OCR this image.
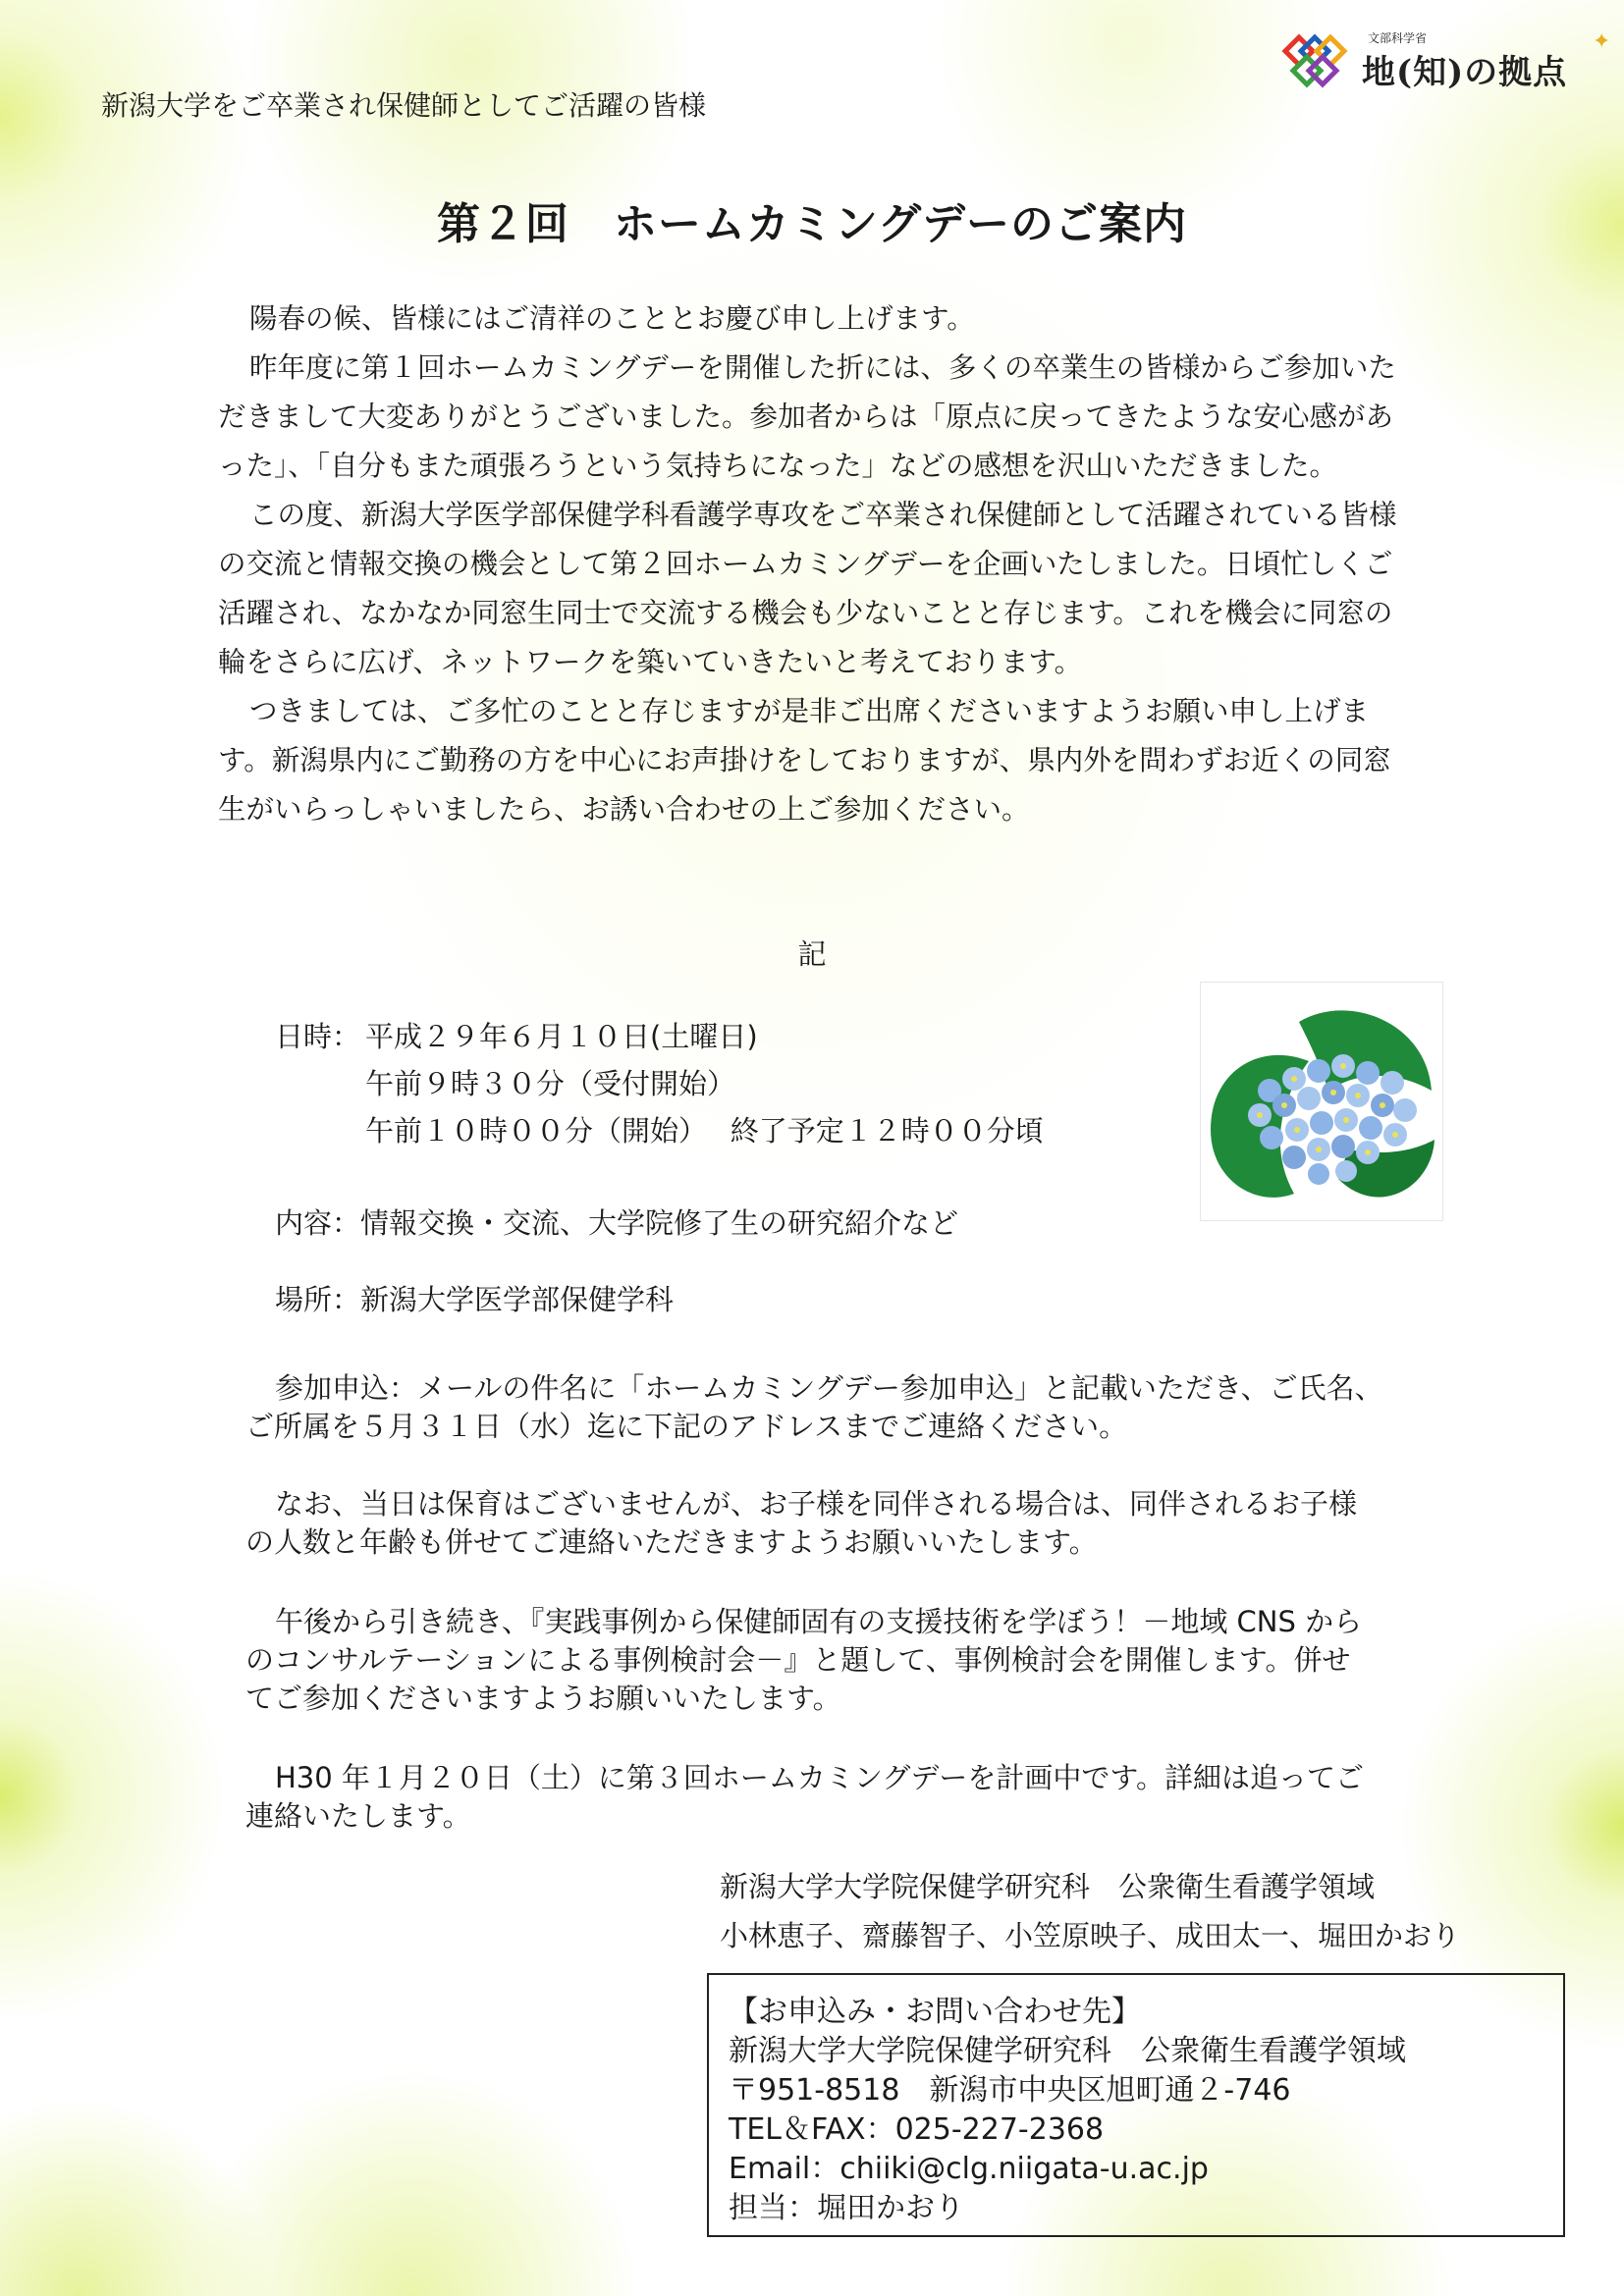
新潟大学をご卒業され保健師としてご活躍の皆様
文部科学省
地(知)の拠点
✦
第２回　ホームカミングデーのご案内

陽春の候、皆様にはご清祥のこととお慶び申し上げます。

昨年度に第１回ホームカミングデーを開催した折には、多くの卒業生の皆様からご参加いただきまして大変ありがとうございました。参加者からは「原点に戻ってきたような安心感があった」、「自分もまた頑張ろうという気持ちになった」などの感想を沢山いただきました。

この度、新潟大学医学部保健学科看護学専攻をご卒業され保健師として活躍されている皆様の交流と情報交換の機会として第２回ホームカミングデーを企画いたしました。日頃忙しくご活躍され、なかなか同窓生同士で交流する機会も少ないことと存じます。これを機会に同窓の輪をさらに広げ、ネットワークを築いていきたいと考えております。

つきましては、ご多忙のことと存じますが是非ご出席くださいますようお願い申し上げます。新潟県内にご勤務の方を中心にお声掛けをしておりますが、県内外を問わずお近くの同窓生がいらっしゃいましたら、お誘い合わせの上ご参加ください。

記
日時： 平成２９年６月１０日(土曜日)
午前９時３０分（受付開始）
午前１０時００分（開始）　 終了予定１２時００分頃
内容：情報交換・交流、大学院修了生の研究紹介など
場所：新潟大学医学部保健学科
参加申込：メールの件名に「ホームカミングデー参加申込」と記載いただき、ご氏名、
ご所属を５月３１日（水）迄に下記のアドレスまでご連絡ください。
なお、当日は保育はございませんが、お子様を同伴される場合は、同伴されるお子様
の人数と年齢も併せてご連絡いただきますようお願いいたします。
午後から引き続き、『実践事例から保健師固有の支援技術を学ぼう！－地域 CNS から
のコンサルテーションによる事例検討会－』と題して、事例検討会を開催します。併せ
てご参加くださいますようお願いいたします。
H30 年１月２０日（土）に第３回ホームカミングデーを計画中です。詳細は追ってご
連絡いたします。
新潟大学大学院保健学研究科　公衆衛生看護学領域
小林恵子、齋藤智子、小笠原映子、成田太一、堀田かおり
【お申込み・お問い合わせ先】
新潟大学大学院保健学研究科　公衆衛生看護学領域
〒951-8518　新潟市中央区旭町通２-746
TEL＆FAX：025-227-2368
Email：chiiki@clg.niigata-u.ac.jp
担当：堀田かおり
